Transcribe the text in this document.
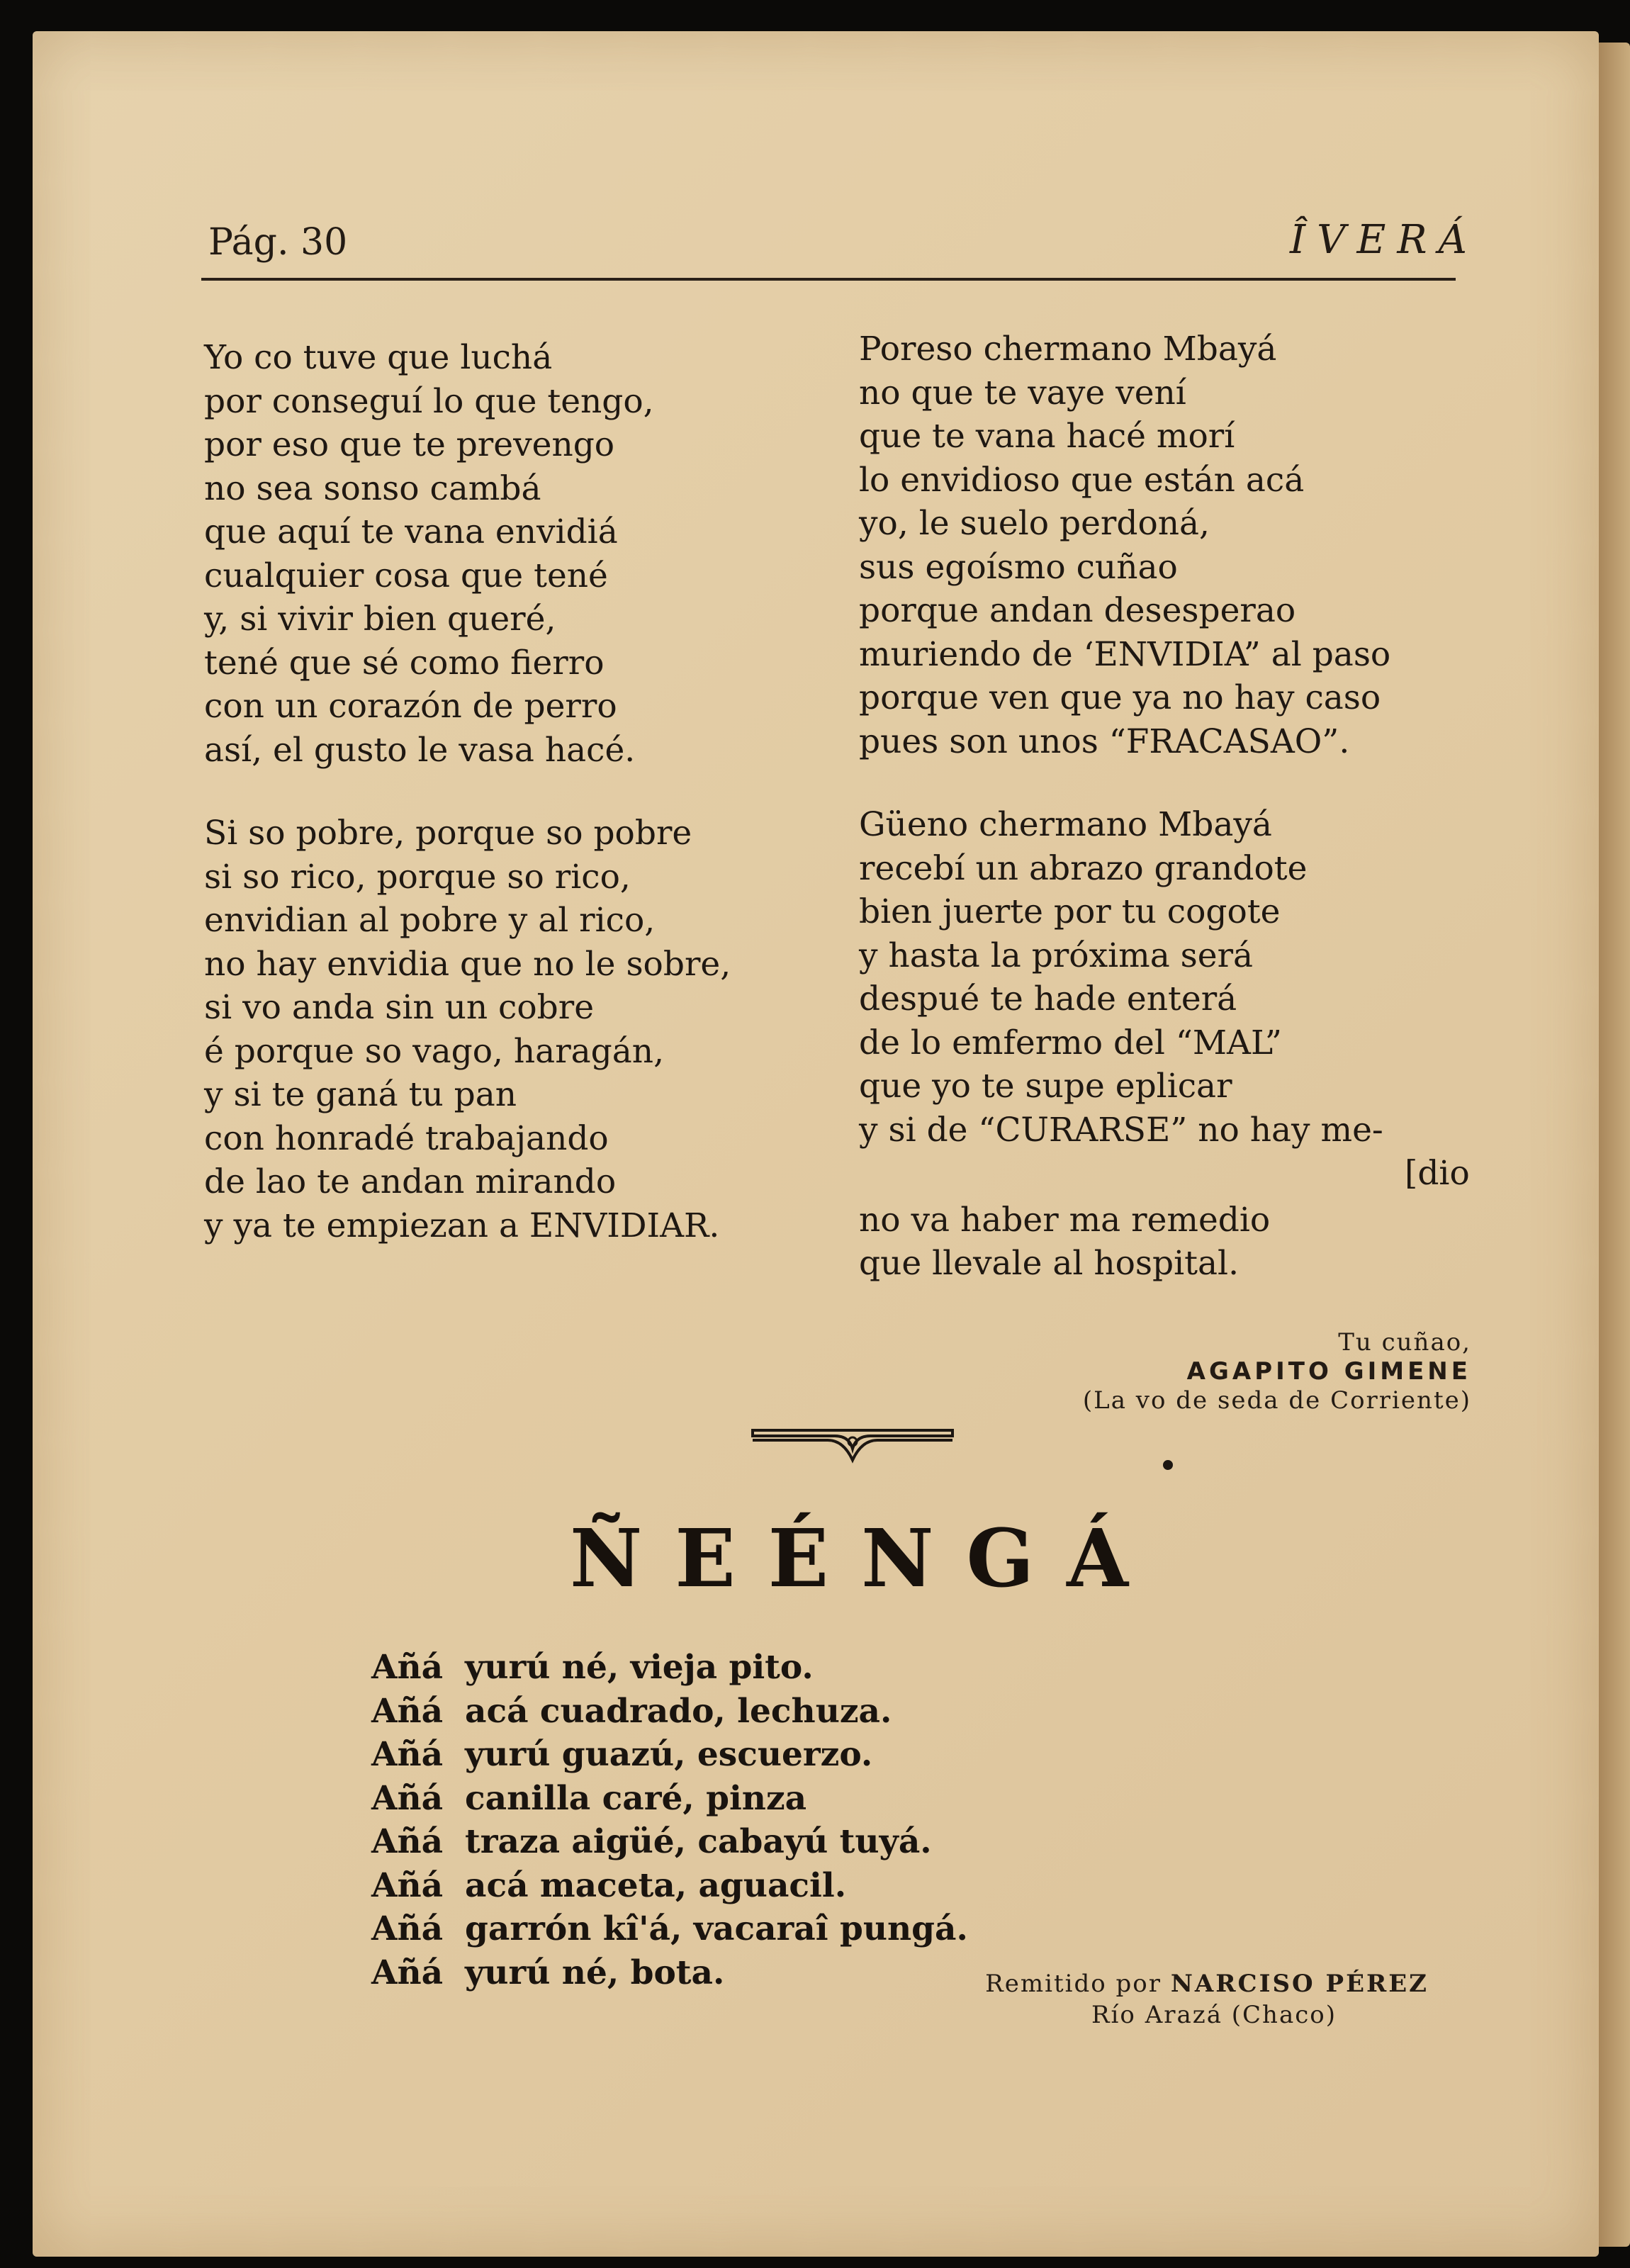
Pág. 30	ÎVERÁ

Yo co tuve que luchá

por conseguí lo que tengo,

por eso que te prevengo

no sea sonso cambá

que aquí te vana envidiá

cualquier cosa que tené

y, si vivir bien queré,

tené que sé como fierro

con un corazón de perro

así, el gusto le vasa hacé.

Si so pobre, porque so pobre

si so rico, porque so rico,

envidian al pobre y al rico,

no hay envidia que no le sobre,

si vo anda sin un cobre

é porque so vago, haragán,

y si te ganá tu pan

con honradé trabajando

de lao te andan mirando

y ya te empiezan a ENVIDIAR.

Poreso chermano Mbayá

no que te vaye vení

que te vana hacé morí

lo envidioso que están acá

yo, le suelo perdoná,

sus egoísmo cuñao

porque andan desesperao

muriendo de ‘ENVIDIA” al paso

porque ven que ya no hay caso

pues son unos “FRACASAO”.

Güeno chermano Mbayá

recebí un abrazo grandote

bien juerte por tu cogote

y hasta la próxima será

despué te hade enterá

de lo emfermo del “MAL”

que yo te supe eplicar

y si de “CURARSE” no hay me-

[dio

no va haber ma remedio

que llevale al hospital.

Tu cuñao,
AGAPITO GIMENE
(La vo de seda de Corriente)
ÑEÉNGÁ
Añá yurú né, vieja pito.
Añá acá cuadrado, lechuza.
Añá yurú guazú, escuerzo.
Añá canilla caré, pinza
Añá traza aigüé, cabayú tuyá.
Añá acá maceta, aguacil.
Añá garrón kî'á, vacaraî pungá.
Añá yurú né, bota.	Remitido por NARCISO PÉREZ
Río Arazá (Chaco)
